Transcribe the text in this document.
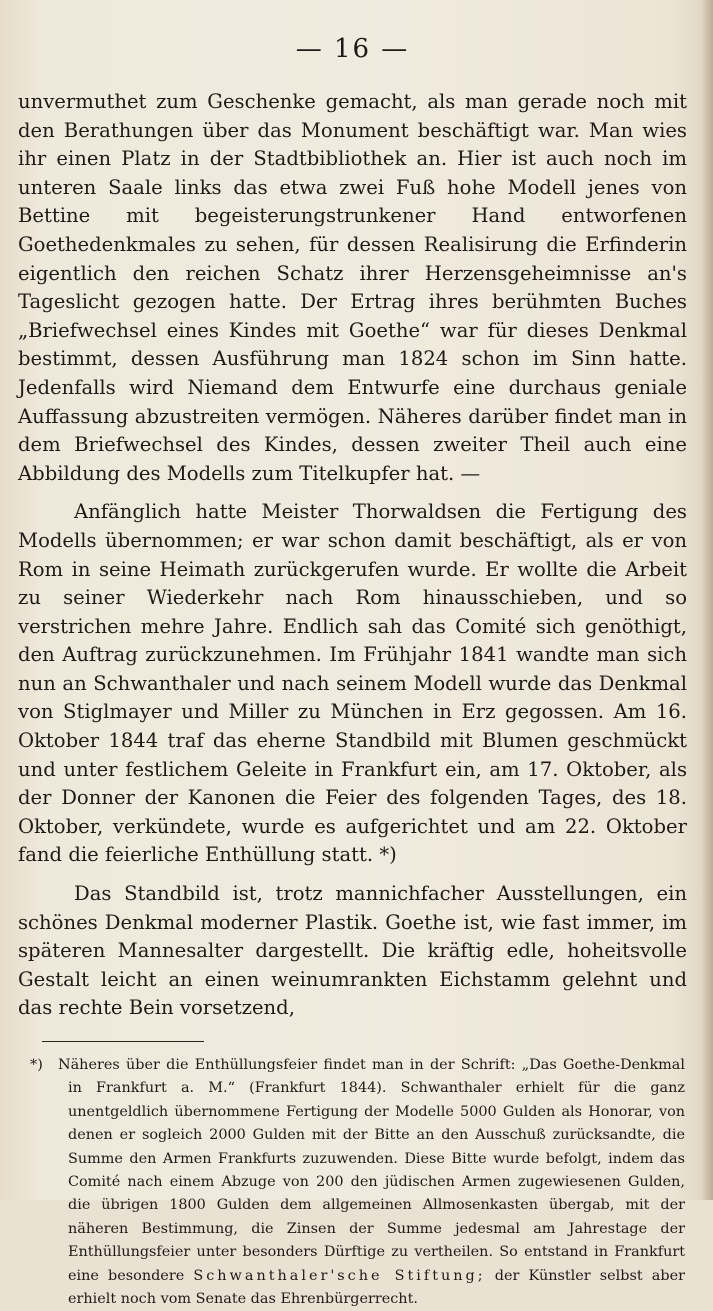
— 16 —

unvermuthet zum Geschenke gemacht, als man gerade noch mit den Berathungen über das Monument beschäftigt war. Man wies ihr einen Platz in der Stadtbibliothek an. Hier ist auch noch im unteren Saale links das etwa zwei Fuß hohe Modell jenes von Bettine mit begeisterungstrunkener Hand entworfenen Goethedenkmales zu sehen, für dessen Realisirung die Erfinderin eigentlich den reichen Schatz ihrer Herzensgeheimnisse an's Tageslicht gezogen hatte. Der Ertrag ihres berühmten Buches „Briefwechsel eines Kindes mit Goethe“ war für dieses Denkmal bestimmt, dessen Ausführung man 1824 schon im Sinn hatte. Jedenfalls wird Niemand dem Entwurfe eine durchaus geniale Auffassung abzustreiten vermögen. Näheres darüber findet man in dem Briefwechsel des Kindes, dessen zweiter Theil auch eine Abbildung des Modells zum Titelkupfer hat. —

Anfänglich hatte Meister Thorwaldsen die Fertigung des Modells übernommen; er war schon damit beschäftigt, als er von Rom in seine Heimath zurückgerufen wurde. Er wollte die Arbeit zu seiner Wiederkehr nach Rom hinausschieben, und so verstrichen mehre Jahre. Endlich sah das Comité sich genöthigt, den Auftrag zurückzunehmen. Im Frühjahr 1841 wandte man sich nun an Schwanthaler und nach seinem Modell wurde das Denkmal von Stiglmayer und Miller zu München in Erz gegossen. Am 16. Oktober 1844 traf das eherne Standbild mit Blumen geschmückt und unter festlichem Geleite in Frankfurt ein, am 17. Oktober, als der Donner der Kanonen die Feier des folgenden Tages, des 18. Oktober, verkündete, wurde es aufgerichtet und am 22. Oktober fand die feierliche Enthüllung statt. *)

Das Standbild ist, trotz mannichfacher Ausstellungen, ein schönes Denkmal moderner Plastik. Goethe ist, wie fast immer, im späteren Mannesalter dargestellt. Die kräftig edle, hoheitsvolle Gestalt leicht an einen weinumrankten Eichstamm gelehnt und das rechte Bein vorsetzend,

*) Näheres über die Enthüllungsfeier findet man in der Schrift: „Das Goethe-Denkmal in Frankfurt a. M.“ (Frankfurt 1844). Schwanthaler erhielt für die ganz unentgeldlich übernommene Fertigung der Modelle 5000 Gulden als Honorar, von denen er sogleich 2000 Gulden mit der Bitte an den Ausschuß zurücksandte, die Summe den Armen Frankfurts zuzuwenden. Diese Bitte wurde befolgt, indem das Comité nach einem Abzuge von 200 den jüdischen Armen zugewiesenen Gulden, die übrigen 1800 Gulden dem allgemeinen Allmosenkasten übergab, mit der näheren Bestimmung, die Zinsen der Summe jedesmal am Jahrestage der Enthüllungsfeier unter besonders Dürftige zu vertheilen. So entstand in Frankfurt eine besondere Schwanthaler'sche Stiftung; der Künstler selbst aber erhielt noch vom Senate das Ehrenbürgerrecht.
